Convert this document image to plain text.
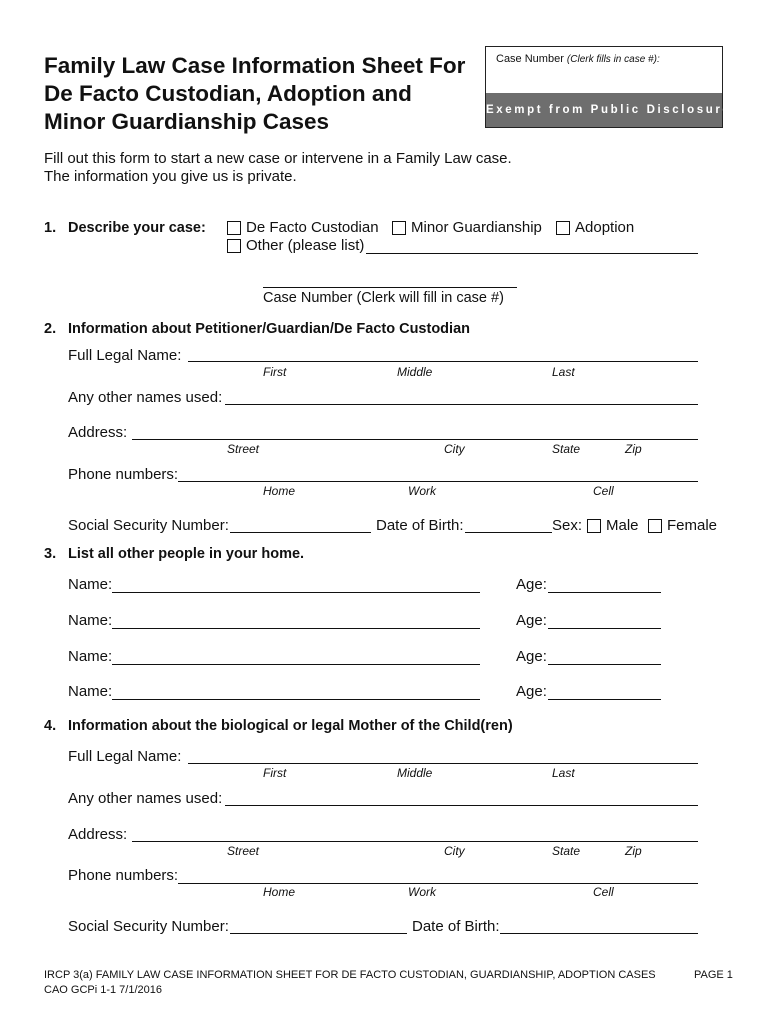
Family Law Case Information Sheet For
De Facto Custodian, Adoption and
Minor Guardianship Cases
Case Number (Clerk fills in case #):
Exempt from Public Disclosure
Fill out this form to start a new case or intervene in a Family Law case.
The information you give us is private.
1. Describe your case:	De Facto Custodian Minor Guardianship Adoption
Other (please list)
Case Number (Clerk will fill in case #)
2. Information about Petitioner/Guardian/De Facto Custodian
Full Legal Name:
First	Middle	Last
Any other names used:
Address:
Street	City	State	Zip
Phone numbers:
Home	Work	Cell
Social Security Number:	Date of Birth:	Sex: Male Female
3. List all other people in your home.
Name:	Age:
Name:	Age:
Name:	Age:
Name:	Age:
4. Information about the biological or legal Mother of the Child(ren)
Full Legal Name:
First	Middle	Last
Any other names used:
Address:
Street	City	State	Zip
Phone numbers:
Home	Work	Cell
Social Security Number:	Date of Birth:
IRCP 3(a) FAMILY LAW CASE INFORMATION SHEET FOR DE FACTO CUSTODIAN, GUARDIANSHIP, ADOPTION CASES	PAGE 1
CAO GCPi 1-1 7/1/2016
